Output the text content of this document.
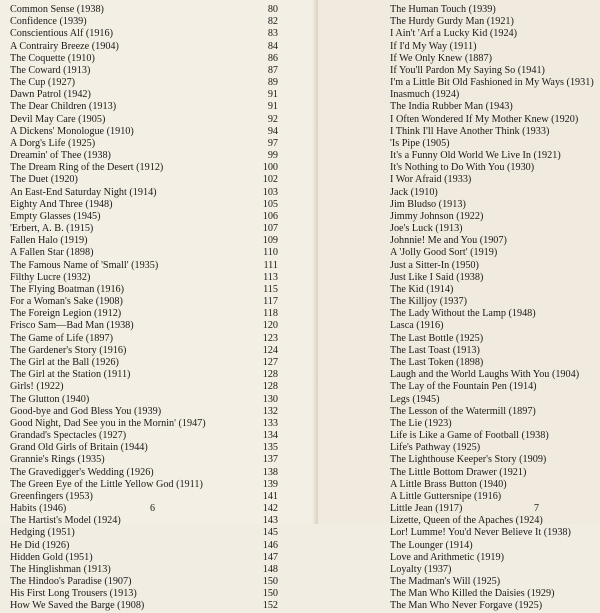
Common Sense (1938)	80
Confidence (1939)	82
Conscientious Alf (1916)	83
A Contrairy Breeze (1904)	84
The Coquette (1910)	86
The Coward (1913)	87
The Cup (1927)	89
Dawn Patrol (1942)	91
The Dear Children (1913)	91
Devil May Care (1905)	92
A Dickens' Monologue (1910)	94
A Dorg's Life (1925)	97
Dreamin' of Thee (1938)	99
The Dream Ring of the Desert (1912)	100
The Duet (1920)	102
An East-End Saturday Night (1914)	103
Eighty And Three (1948)	105
Empty Glasses (1945)	106
'Erbert, A. B. (1915)	107
Fallen Halo (1919)	109
A Fallen Star (1898)	110
The Famous Name of 'Small' (1935)	111
Filthy Lucre (1932)	113
The Flying Boatman (1916)	115
For a Woman's Sake (1908)	117
The Foreign Legion (1912)	118
Frisco Sam—Bad Man (1938)	120
The Game of Life (1897)	123
The Gardener's Story (1916)	124
The Girl at the Ball (1926)	127
The Girl at the Station (1911)	128
Girls! (1922)	128
The Glutton (1940)	130
Good-bye and God Bless You (1939)	132
Good Night, Dad See you in the Mornin' (1947)	133
Grandad's Spectacles (1927)	134
Grand Old Girls of Britain (1944)	135
Grannie's Rings (1935)	137
The Gravedigger's Wedding (1926)	138
The Green Eye of the Little Yellow God (1911)	139
Greenfingers (1953)	141
Habits (1946)	142
The Hartist's Model (1924)	143
Hedging (1951)	145
He Did (1926)	146
Hidden Gold (1951)	147
The Hinglishman (1913)	148
The Hindoo's Paradise (1907)	150
His First Long Trousers (1913)	150
How We Saved the Barge (1908)	152
6
The Human Touch (1939)
The Hurdy Gurdy Man (1921)
I Ain't 'Arf a Lucky Kid (1924)
If I'd My Way (1911)
If We Only Knew (1887)
If You'll Pardon My Saying So (1941)
I'm a Little Bit Old Fashioned in My Ways (1931)
Inasmuch (1924)
The India Rubber Man (1943)
I Often Wondered If My Mother Knew (1920)
I Think I'll Have Another Think (1933)
'Is Pipe (1905)
It's a Funny Old World We Live In (1921)
It's Nothing to Do With You (1930)
I Wor Afraid (1933)
Jack (1910)
Jim Bludso (1913)
Jimmy Johnson (1922)
Joe's Luck (1913)
Johnnie! Me and You (1907)
A 'Jolly Good Sort' (1919)
Just a Sitter-In (1950)
Just Like I Said (1938)
The Kid (1914)
The Killjoy (1937)
The Lady Without the Lamp (1948)
Lasca (1916)
The Last Bottle (1925)
The Last Toast (1913)
The Last Token (1898)
Laugh and the World Laughs With You (1904)
The Lay of the Fountain Pen (1914)
Legs (1945)
The Lesson of the Watermill (1897)
The Lie (1923)
Life is Like a Game of Football (1938)
Life's Pathway (1925)
The Lighthouse Keeper's Story (1909)
The Little Bottom Drawer (1921)
A Little Brass Button (1940)
A Little Guttersnipe (1916)
Little Jean (1917)
Lizette, Queen of the Apaches (1924)
Lor! Lumme! You'd Never Believe It (1938)
The Lounger (1914)
Love and Arithmetic (1919)
Loyalty (1937)
The Madman's Will (1925)
The Man Who Killed the Daisies (1929)
The Man Who Never Forgave (1925)
7
